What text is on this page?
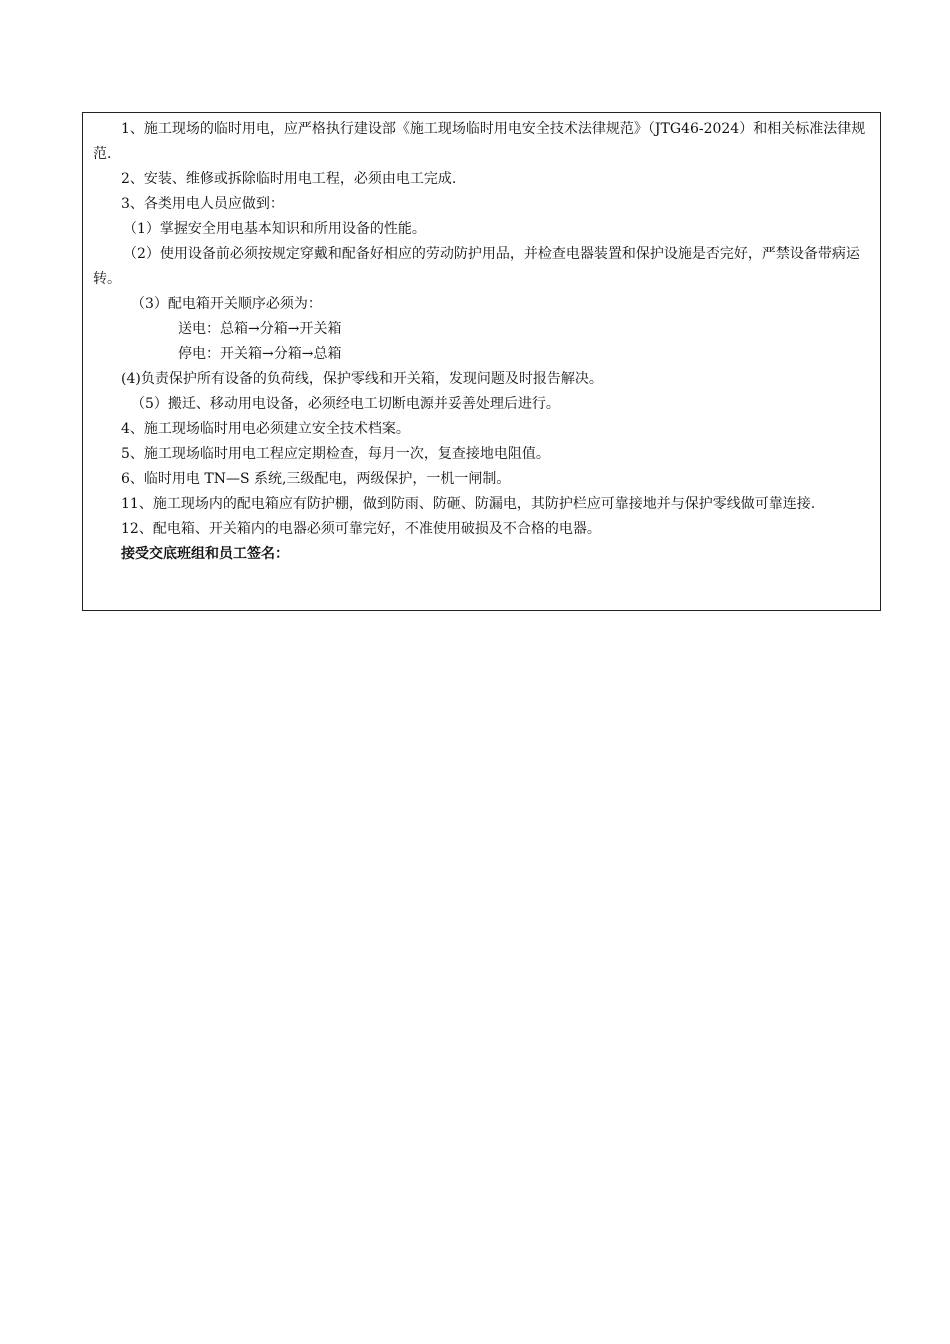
1、施工现场的临时用电，应严格执行建设部《施工现场临时用电安全技术法律规范》（JTG46-2024）和相关标准法律规范.
2、安装、维修或拆除临时用电工程，必须由电工完成.
3、各类用电人员应做到：
（1）掌握安全用电基本知识和所用设备的性能。
（2）使用设备前必须按规定穿戴和配备好相应的劳动防护用品，并检查电器装置和保护设施是否完好，严禁设备带病运转。
（3）配电箱开关顺序必须为：
送电：总箱→分箱→开关箱
停电：开关箱→分箱→总箱
(4)负责保护所有设备的负荷线，保护零线和开关箱，发现问题及时报告解决。
（5）搬迁、移动用电设备，必须经电工切断电源并妥善处理后进行。
4、施工现场临时用电必须建立安全技术档案。
5、施工现场临时用电工程应定期检查，每月一次，复查接地电阻值。
6、临时用电 TN—S 系统,三级配电，两级保护，一机一闸制。
11、施工现场内的配电箱应有防护棚，做到防雨、防砸、防漏电，其防护栏应可靠接地并与保护零线做可靠连接.
12、配电箱、开关箱内的电器必须可靠完好，不准使用破损及不合格的电器。
接受交底班组和员工签名：
